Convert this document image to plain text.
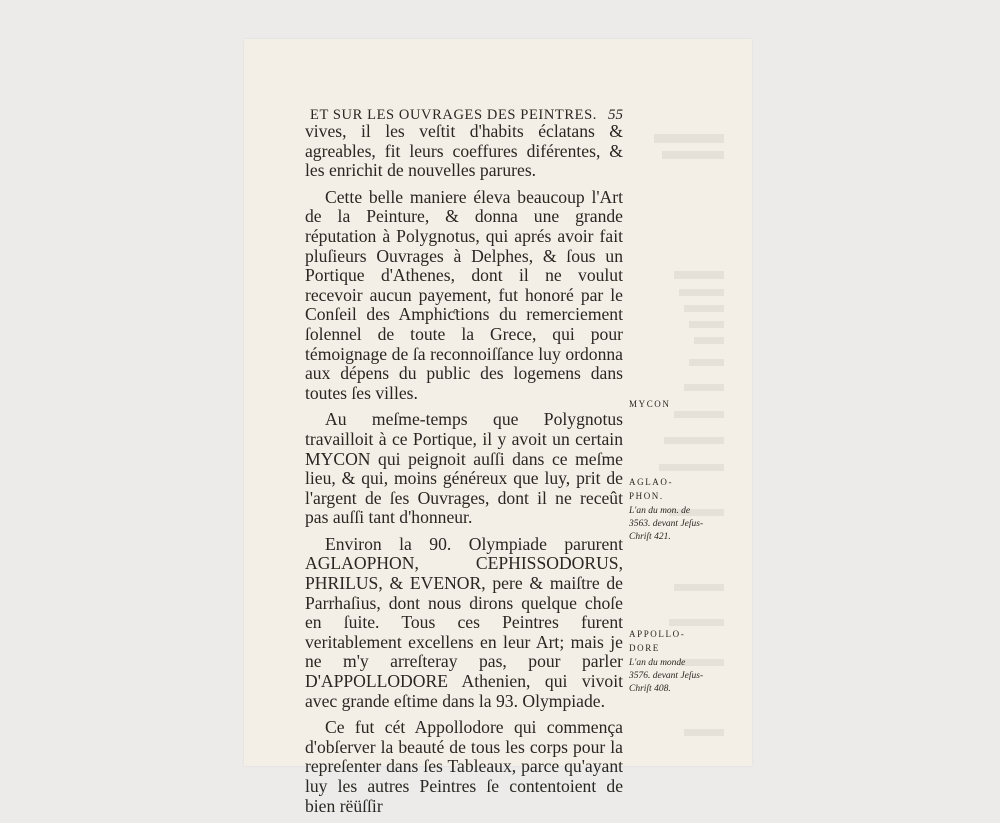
ET SUR LES OUVRAGES DES PEINTRES. 55

vives, il les veſtit d'habits éclatans & agreables, fit leurs coeffures diférentes, & les enrichit de nouvelles parures.

Cette belle maniere éleva beaucoup l'Art de la Peinture, & donna une grande réputation à Polygnotus, qui aprés avoir fait pluſieurs Ouvrages à Delphes, & ſous un Portique d'Athenes, dont il ne voulut recevoir aucun payement, fut honoré par le Conſeil des Amphiƈtions du remerciement ſolennel de toute la Grece, qui pour témoignage de ſa reconnoiſſance luy ordonna aux dépens du public des logemens dans toutes ſes villes.

Au meſme-temps que Polygnotus travailloit à ce Portique, il y avoit un certain MYCON qui peignoit auſſi dans ce meſme lieu, & qui, moins généreux que luy, prit de l'argent de ſes Ouvrages, dont il ne receût pas auſſi tant d'honneur.

Environ la 90. Olympiade parurent AGLAOPHON, CEPHISSODORUS, PHRILUS, & EVENOR, pere & maiſtre de Parrhaſius, dont nous dirons quelque choſe en ſuite. Tous ces Peintres furent veritablement excellens en leur Art; mais je ne m'y arreſteray pas, pour parler D'APPOLLODORE Athenien, qui vivoit avec grande eſtime dans la 93. Olympiade.

Ce fut cét Appollodore qui commença d'obſerver la beauté de tous les corps pour la repreſenter dans ſes Tableaux, parce qu'ayant luy les autres Peintres ſe contentoient de bien rëüſſir

MYCON
AGLAO-PHON.
L'an du mon. de 3563. devant Jeſus-Chriſt 421.
APPOLLO-DORE
L'an du monde 3576. devant Jeſus-Chriſt 408.
